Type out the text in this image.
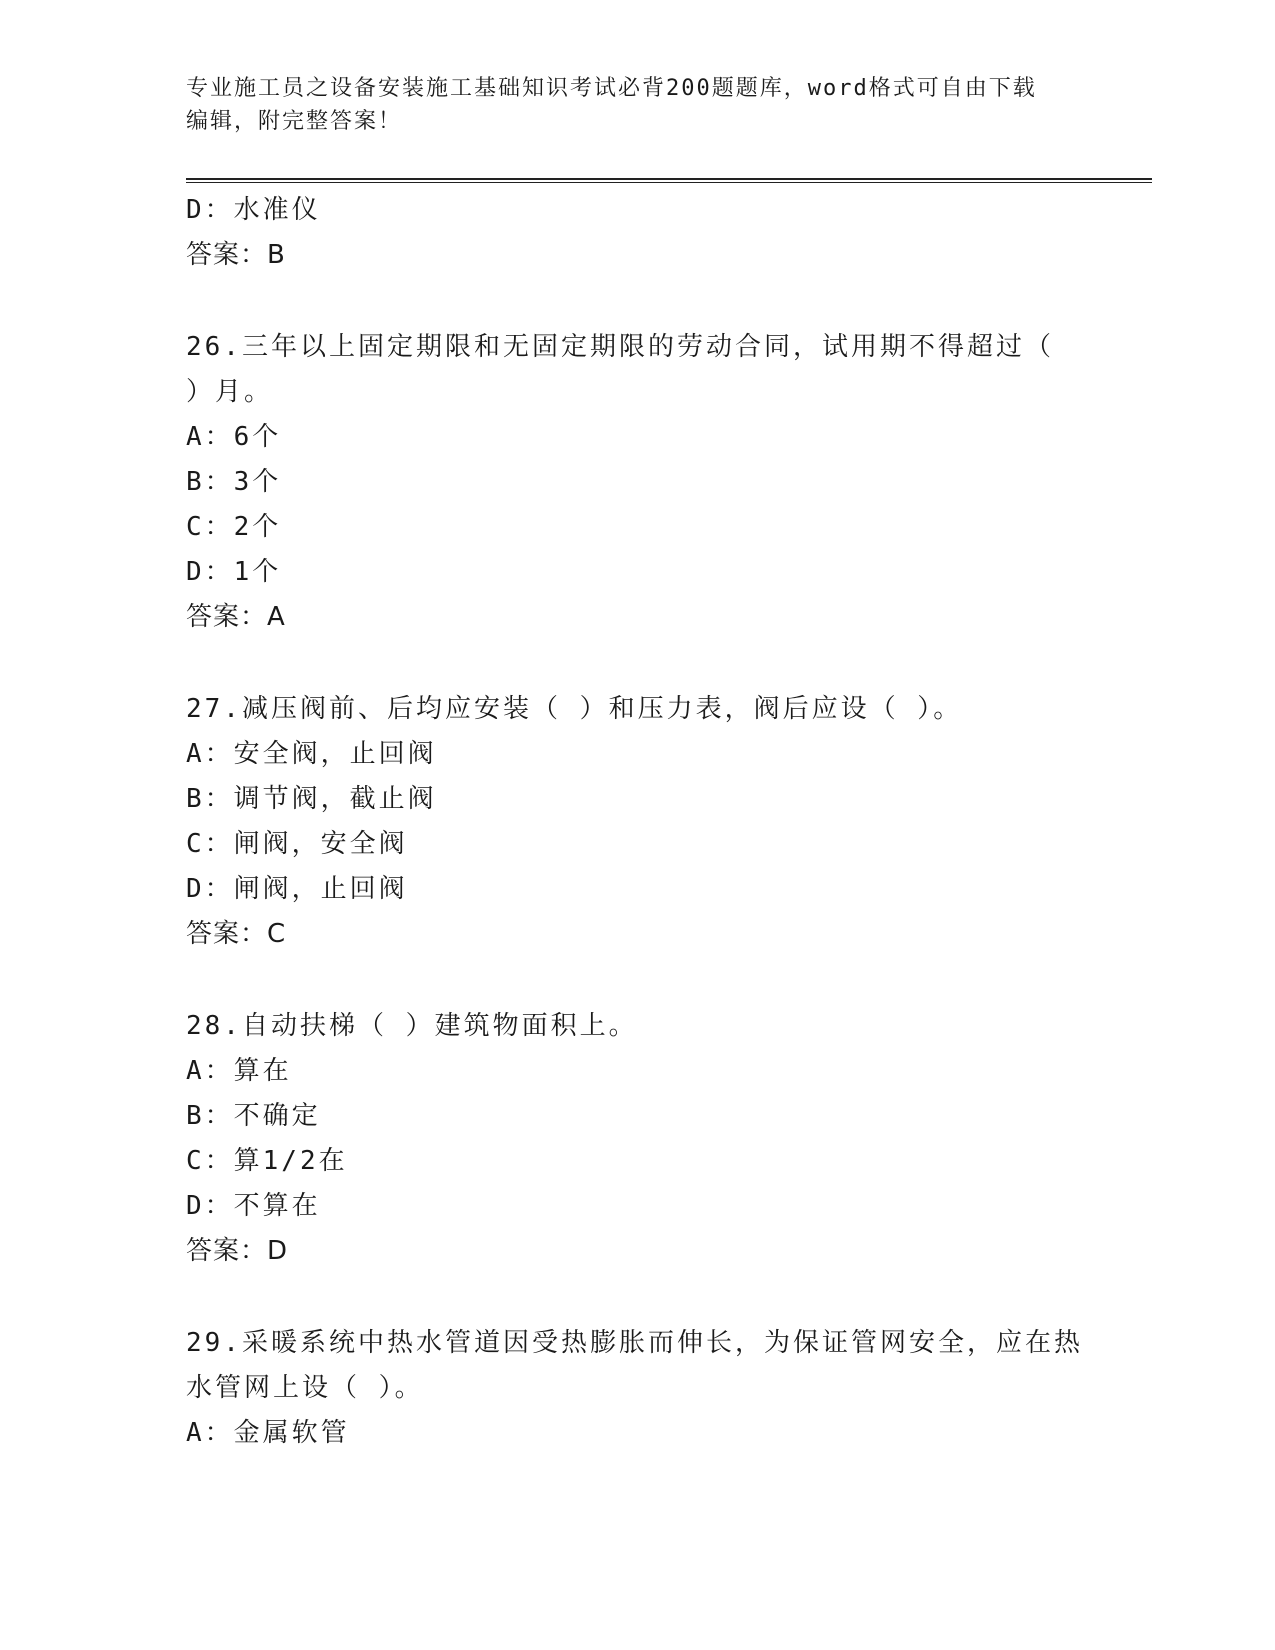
专业施工员之设备安装施工基础知识考试必背200题题库，word格式可自由下载
编辑，附完整答案！
D：水准仪
答案：B
26.三年以上固定期限和无固定期限的劳动合同，试用期不得超过（
）月。
A：6个
B：3个
C：2个
D：1个
答案：A
27.减压阀前、后均应安装（ ）和压力表，阀后应设（ ）。
A：安全阀，止回阀
B：调节阀，截止阀
C：闸阀，安全阀
D：闸阀，止回阀
答案：C
28.自动扶梯（ ）建筑物面积上。
A：算在
B：不确定
C：算1/2在
D：不算在
答案：D
29.采暖系统中热水管道因受热膨胀而伸长，为保证管网安全，应在热
水管网上设（ ）。
A：金属软管
